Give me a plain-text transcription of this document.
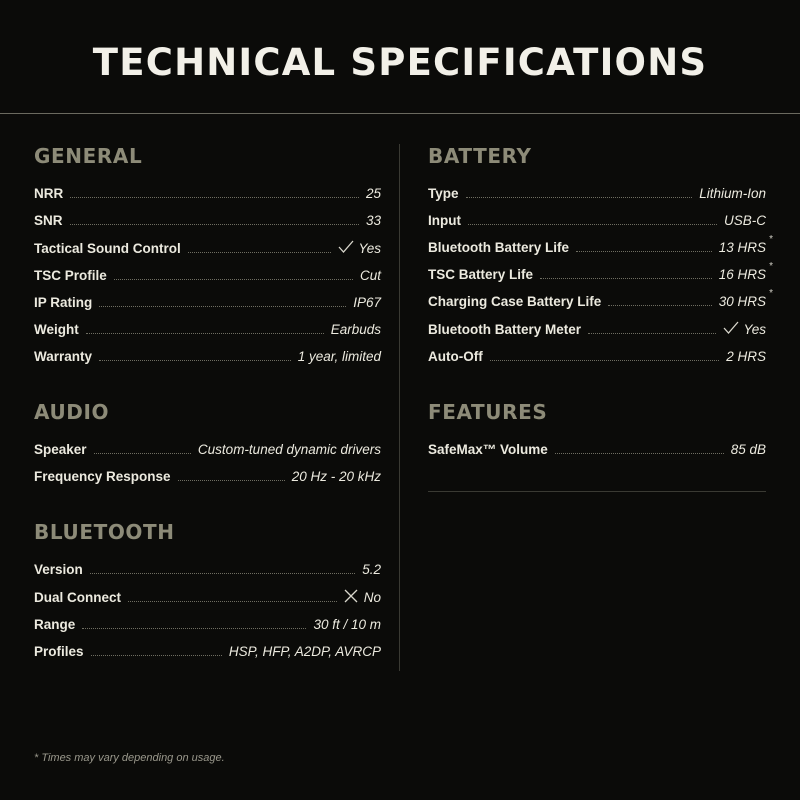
TECHNICAL SPECIFICATIONS
GENERAL
NRR	25
SNR	33
Tactical Sound Control	Yes
TSC Profile	Cut
IP Rating	IP67
Weight	Earbuds
Warranty	1 year, limited
AUDIO
Speaker	Custom-tuned dynamic drivers
Frequency Response	20 Hz - 20 kHz
BLUETOOTH
Version	5.2
Dual Connect	No
Range	30 ft / 10 m
Profiles	HSP, HFP, A2DP, AVRCP
BATTERY
Type	Lithium-Ion
Input	USB-C
Bluetooth Battery Life	13 HRS
*
TSC Battery Life	16 HRS
*
Charging Case Battery Life	30 HRS
*
Bluetooth Battery Meter	Yes
Auto-Off	2 HRS
FEATURES
SafeMax™ Volume	85 dB
* Times may vary depending on usage.
